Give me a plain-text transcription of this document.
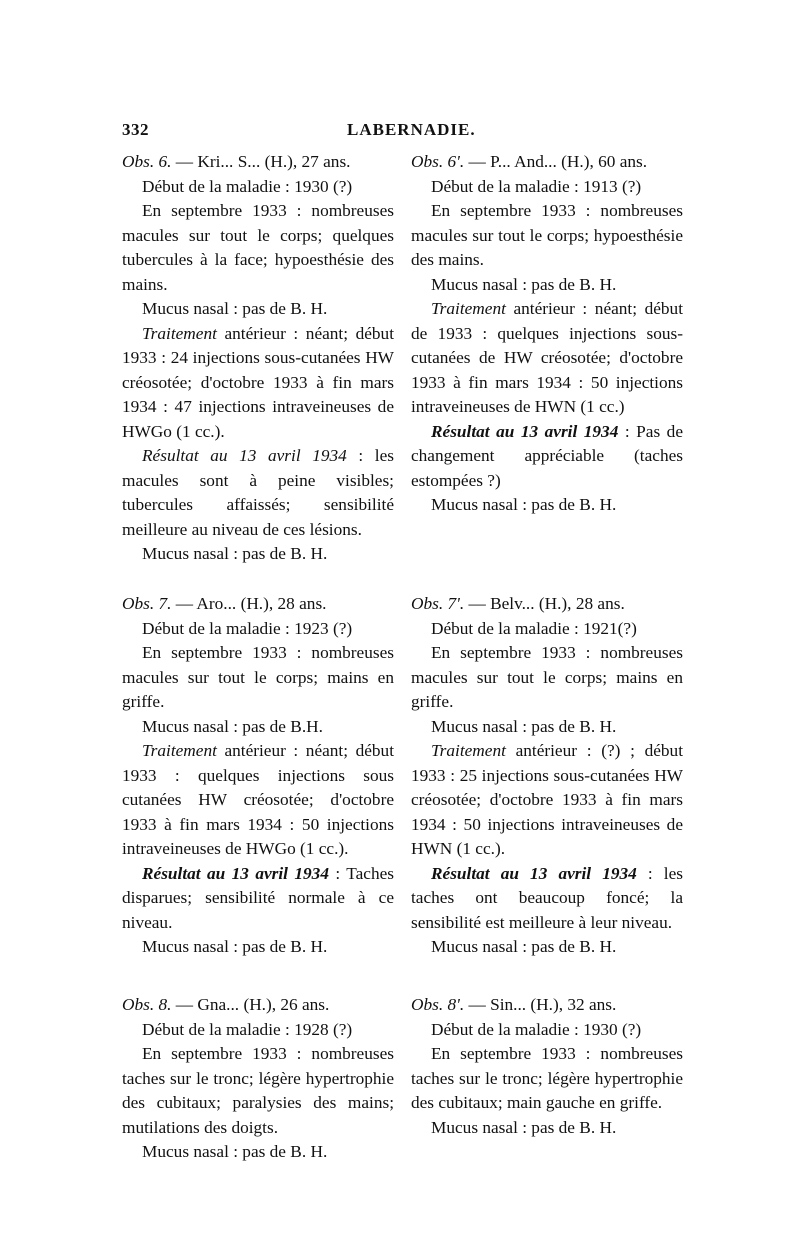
332	LABERNADIE.

Obs. 6. — Kri... S... (H.), 27 ans.

Début de la maladie : 1930 (?)

En septembre 1933 : nombreuses macules sur tout le corps; quelques tubercules à la face; hypoesthésie des mains.

Mucus nasal : pas de B. H.

Traitement antérieur : néant; début 1933 : 24 injections sous-cutanées HW créosotée; d'octobre 1933 à fin mars 1934 : 47 injections intraveineuses de HWGo (1 cc.).

Résultat au 13 avril 1934 : les macules sont à peine visibles; tubercules affaissés; sensibilité meilleure au niveau de ces lésions.

Mucus nasal : pas de B. H.

Obs. 7. — Aro... (H.), 28 ans.

Début de la maladie : 1923 (?)

En septembre 1933 : nombreuses macules sur tout le corps; mains en griffe.

Mucus nasal : pas de B.H.

Traitement antérieur : néant; début 1933 : quelques injections sous cutanées HW créosotée; d'octobre 1933 à fin mars 1934 : 50 injections intraveineuses de HWGo (1 cc.).

Résultat au 13 avril 1934 : Taches disparues; sensibilité normale à ce niveau.

Mucus nasal : pas de B. H.

Obs. 8. — Gna... (H.), 26 ans.

Début de la maladie : 1928 (?)

En septembre 1933 : nombreuses taches sur le tronc; légère hypertrophie des cubitaux; paralysies des mains; mutilations des doigts.

Mucus nasal : pas de B. H.

Obs. 6'. — P... And... (H.), 60 ans.

Début de la maladie : 1913 (?)

En septembre 1933 : nombreuses macules sur tout le corps; hypoesthésie des mains.

Mucus nasal : pas de B. H.

Traitement antérieur : néant; début de 1933 : quelques injections sous-cutanées de HW créosotée; d'octobre 1933 à fin mars 1934 : 50 injections intraveineuses de HWN (1 cc.)

Résultat au 13 avril 1934 : Pas de changement appréciable (taches estompées ?)

Mucus nasal : pas de B. H.

Obs. 7'. — Belv... (H.), 28 ans.

Début de la maladie : 1921(?)

En septembre 1933 : nombreuses macules sur tout le corps; mains en griffe.

Mucus nasal : pas de B. H.

Traitement antérieur : (?) ; début 1933 : 25 injections sous-cutanées HW créosotée; d'octobre 1933 à fin mars 1934 : 50 injections intraveineuses de HWN (1 cc.).

Résultat au 13 avril 1934 : les taches ont beaucoup foncé; la sensibilité est meilleure à leur niveau.

Mucus nasal : pas de B. H.

Obs. 8'. — Sin... (H.), 32 ans.

Début de la maladie : 1930 (?)

En septembre 1933 : nombreuses taches sur le tronc; légère hypertrophie des cubitaux; main gauche en griffe.

Mucus nasal : pas de B. H.
